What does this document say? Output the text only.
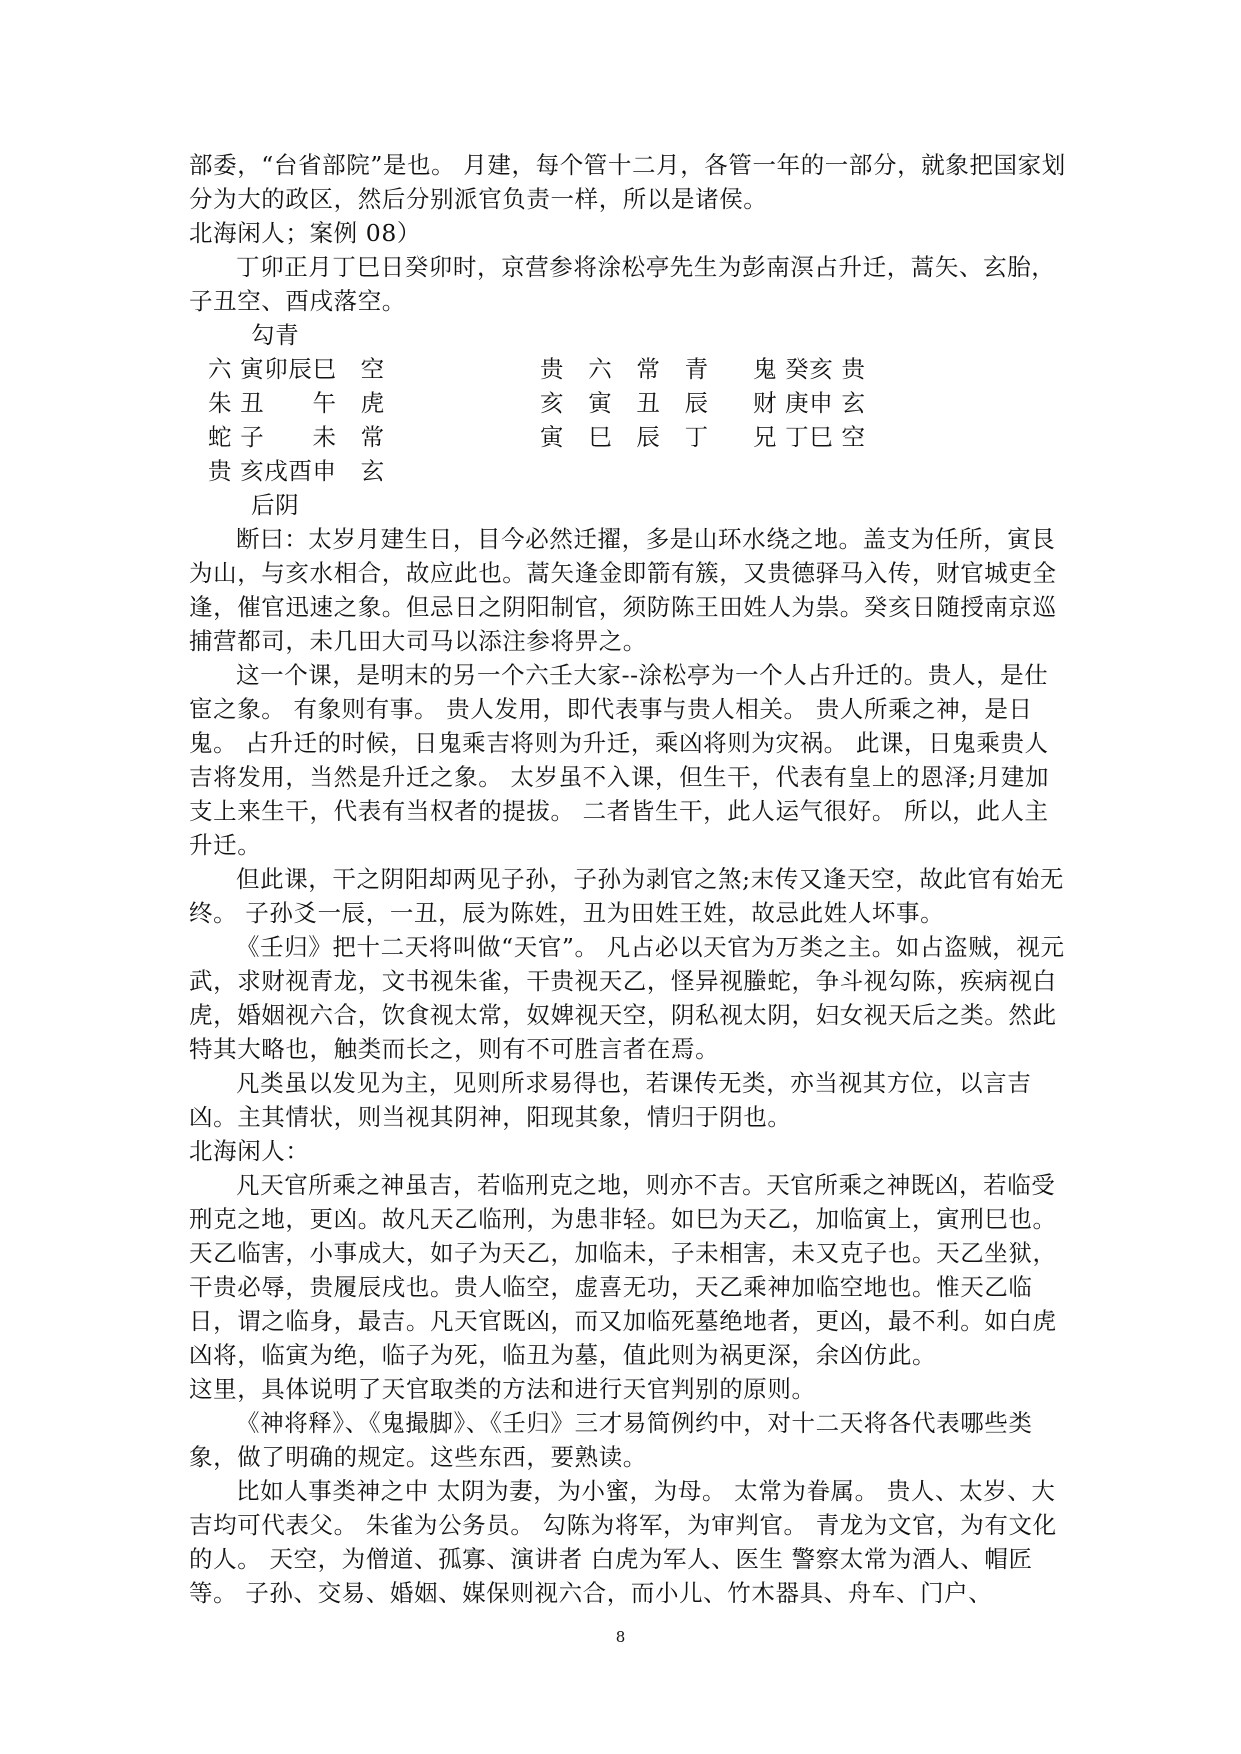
部委，“台省部院”是也。 月建，每个管十二月，各管一年的一部分，就象把国家划分为大的政区，然后分别派官负责一样，所以是诸侯。

北海闲人；案例 08）

丁卯正月丁巳日癸卯时，京营参将涂松亭先生为彭南溟占升迁，蒿矢、玄胎，子丑空、酉戌落空。

勾青
六 寅卯辰巳　空
朱 丑　　午　虎
蛇 子　　未　常
贵 亥戌酉申　玄
后阴
贵　六　常　青
亥　寅　丑　辰
寅　巳　辰　丁
鬼 癸亥 贵
财 庚申 玄
兄 丁巳 空

断曰：太岁月建生日，目今必然迁擢，多是山环水绕之地。盖支为任所，寅艮为山，与亥水相合，故应此也。蒿矢逢金即箭有簇，又贵德驿马入传，财官城吏全逢，催官迅速之象。但忌日之阴阳制官，须防陈王田姓人为祟。癸亥日随授南京巡捕营都司，未几田大司马以添注参将畀之。

这一个课，是明末的另一个六壬大家--涂松亭为一个人占升迁的。贵人，是仕宦之象。 有象则有事。 贵人发用，即代表事与贵人相关。 贵人所乘之神，是日鬼。 占升迁的时候，日鬼乘吉将则为升迁，乘凶将则为灾祸。 此课，日鬼乘贵人吉将发用，当然是升迁之象。 太岁虽不入课，但生干，代表有皇上的恩泽;月建加支上来生干，代表有当权者的提拔。 二者皆生干，此人运气很好。 所以，此人主升迁。

但此课，干之阴阳却两见子孙，子孙为剥官之煞;末传又逢天空，故此官有始无终。 子孙爻一辰，一丑，辰为陈姓，丑为田姓王姓，故忌此姓人坏事。

《壬归》把十二天将叫做“天官”。 凡占必以天官为万类之主。如占盗贼，视元武，求财视青龙，文书视朱雀，干贵视天乙，怪异视螣蛇，争斗视勾陈，疾病视白虎，婚姻视六合，饮食视太常，奴婢视天空，阴私视太阴，妇女视天后之类。然此特其大略也，触类而长之，则有不可胜言者在焉。

凡类虽以发见为主，见则所求易得也，若课传无类，亦当视其方位，以言吉凶。主其情状，则当视其阴神，阳现其象，情归于阴也。

北海闲人：

凡天官所乘之神虽吉，若临刑克之地，则亦不吉。天官所乘之神既凶，若临受刑克之地，更凶。故凡天乙临刑，为患非轻。如巳为天乙，加临寅上，寅刑巳也。天乙临害，小事成大，如子为天乙，加临未，子未相害，未又克子也。天乙坐狱，干贵必辱，贵履辰戌也。贵人临空，虚喜无功，天乙乘神加临空地也。惟天乙临日，谓之临身，最吉。凡天官既凶，而又加临死墓绝地者，更凶，最不利。如白虎凶将，临寅为绝，临子为死，临丑为墓，值此则为祸更深，余凶仿此。

这里，具体说明了天官取类的方法和进行天官判别的原则。

《神将释》、《鬼撮脚》、《壬归》三才易简例约中，对十二天将各代表哪些类象，做了明确的规定。这些东西，要熟读。

比如人事类神之中 太阴为妻，为小蜜，为母。 太常为眷属。 贵人、太岁、大吉均可代表父。 朱雀为公务员。 勾陈为将军，为审判官。 青龙为文官，为有文化的人。 天空，为僧道、孤寡、演讲者 白虎为军人、医生 警察太常为酒人、帽匠等。 子孙、交易、婚姻、媒保则视六合，而小儿、竹木器具、舟车、门户、

8
